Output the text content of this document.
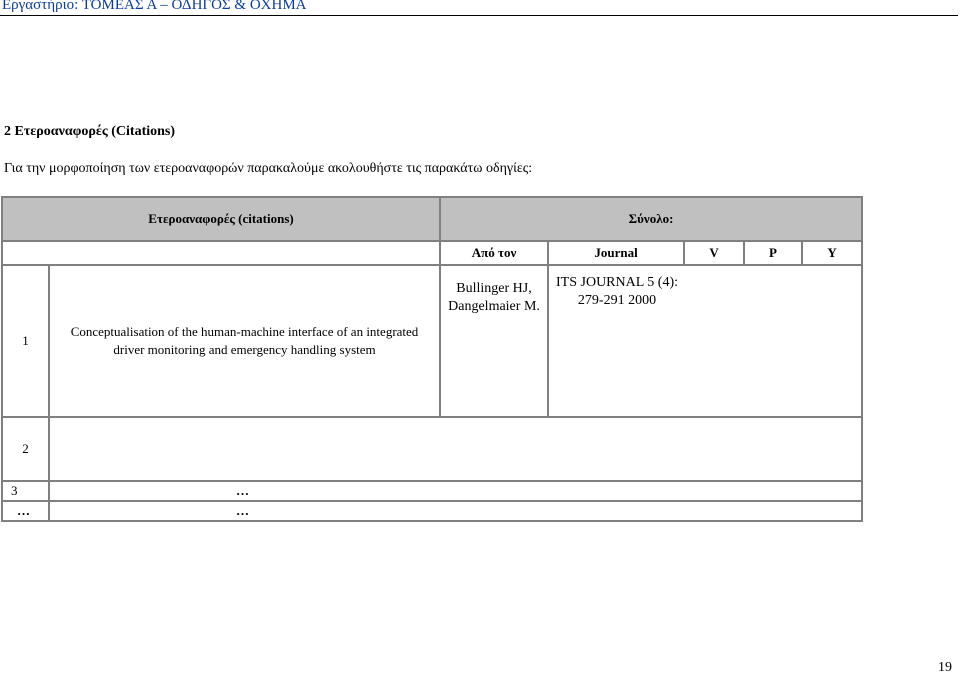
Εργαστήριο: ΤΟΜΕΑΣ Α – ΟΔΗΓΟΣ & ΟΧΗΜΑ
2 Ετεροαναφορές (Citations)
Για την μορφοποίηση των ετεροαναφορών παρακαλούμε ακολουθήστε τις παρακάτω οδηγίες:
Ετεροαναφορές (citations)		Σύνολο:				
		Από τον	Journal	V	P	Y
1	Conceptualisation of the human-machine interface of an integrated driver monitoring and emergency handling system	Bullinger HJ, Dangelmaier M.	ITS JOURNAL 5 (4): 279-291 2000			

2						
3	…					
…	…					
19
